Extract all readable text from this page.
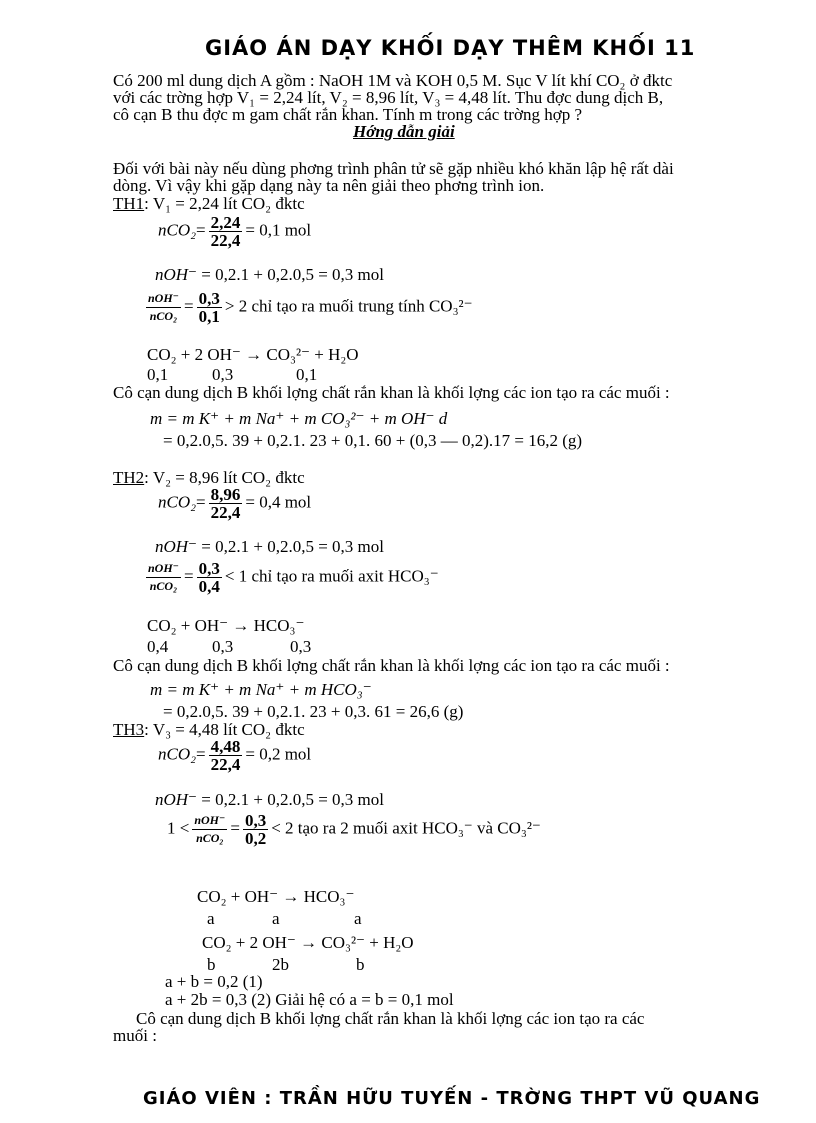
GIÁO ÁN DẠY KHỐI DẠY THÊM KHỐI 11
Có 200 ml dung dịch A gồm : NaOH 1M và KOH 0,5 M. Sục V lít khí CO₂ ở đktc
với các trờng hợp V₁ = 2,24 lít, V₂ = 8,96 lít, V₃ = 4,48 lít. Thu đợc dung dịch B,
cô cạn B thu đợc m gam chất rắn khan. Tính m trong các trờng hợp ?
Hớng dẫn giải
Đối với bài này nếu dùng phơng trình phân tử sẽ gặp nhiều khó khăn lập hệ rất dài
dòng. Vì vậy khi gặp dạng này ta nên giải theo phơng trình ion.
TH1: V₁ = 2,24 lít CO₂ đktc
$nCO_2= \frac{2,24}{22,4} = 0,1$ mol
nOH⁻ = 0,2.1 + 0,2.0,5 = 0,3 mol
$\frac{\text{nOH⁻}}{\text{nCO₂}} = \frac{0,3}{0,1} > 2$ chỉ tạo ra muối trung tính CO₃²⁻
CO₂ + 2 OH⁻ → CO₃²⁻ + H₂O
0,1	0,3	0,1
Cô cạn dung dịch B khối lợng chất rắn khan là khối lợng các ion tạo ra các muối :
m = m K⁺ + m Na⁺ + m CO₃²⁻ + m OH⁻ d
= 0,2.0,5. 39 + 0,2.1. 23 + 0,1. 60 + (0,3 — 0,2).17 = 16,2 (g)
TH2: V₂ = 8,96 lít CO₂ đktc
$nCO_2= \frac{8,96}{22,4} = 0,4$ mol
nOH⁻ = 0,2.1 + 0,2.0,5 = 0,3 mol
$\frac{\text{nOH⁻}}{\text{nCO₂}} = \frac{0,3}{0,4} < 1$ chỉ tạo ra muối axit HCO₃⁻
CO₂ + OH⁻ → HCO₃⁻
0,4	0,3	0,3
Cô cạn dung dịch B khối lợng chất rắn khan là khối lợng các ion tạo ra các muối :
m = m K⁺ + m Na⁺ + m HCO₃⁻
= 0,2.0,5. 39 + 0,2.1. 23 + 0,3. 61 = 26,6 (g)
TH3: V₃ = 4,48 lít CO₂ đktc
$nCO_2= \frac{4,48}{22,4} = 0,2$ mol
nOH⁻ = 0,2.1 + 0,2.0,5 = 0,3 mol
$1 < \frac{\text{nOH⁻}}{\text{nCO₂}} = \frac{0,3}{0,2} < 2$ tạo ra 2 muối axit HCO₃⁻ và CO₃²⁻
CO₂ + OH⁻ → HCO₃⁻
a	a	a
CO₂ + 2 OH⁻ → CO₃²⁻ + H₂O
b	2b	b
a + b = 0,2 (1)
a + 2b = 0,3 (2) Giải hệ có a = b = 0,1 mol
Cô cạn dung dịch B khối lợng chất rắn khan là khối lợng các ion tạo ra các
muối :
GIÁO VIÊN : TRẦN HỮU TUYẾN - TRỜNG THPT VŨ QUANG
